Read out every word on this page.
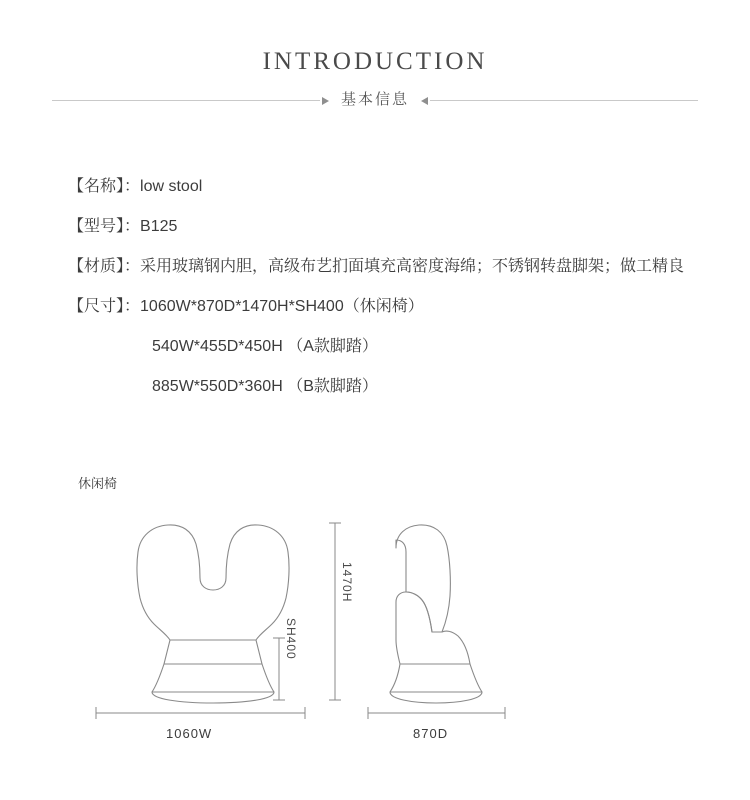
INTRODUCTION
基本信息
【名称】：low stool
【型号】：B125
【材质】：采用玻璃钢内胆，高级布艺扪面填充高密度海绵；不锈钢转盘脚架；做工精良
【尺寸】：1060W*870D*1470H*SH400（休闲椅）
540W*455D*450H （A款脚踏）
885W*550D*360H （B款脚踏）
休闲椅
SH400
1470H
1060W	870D
